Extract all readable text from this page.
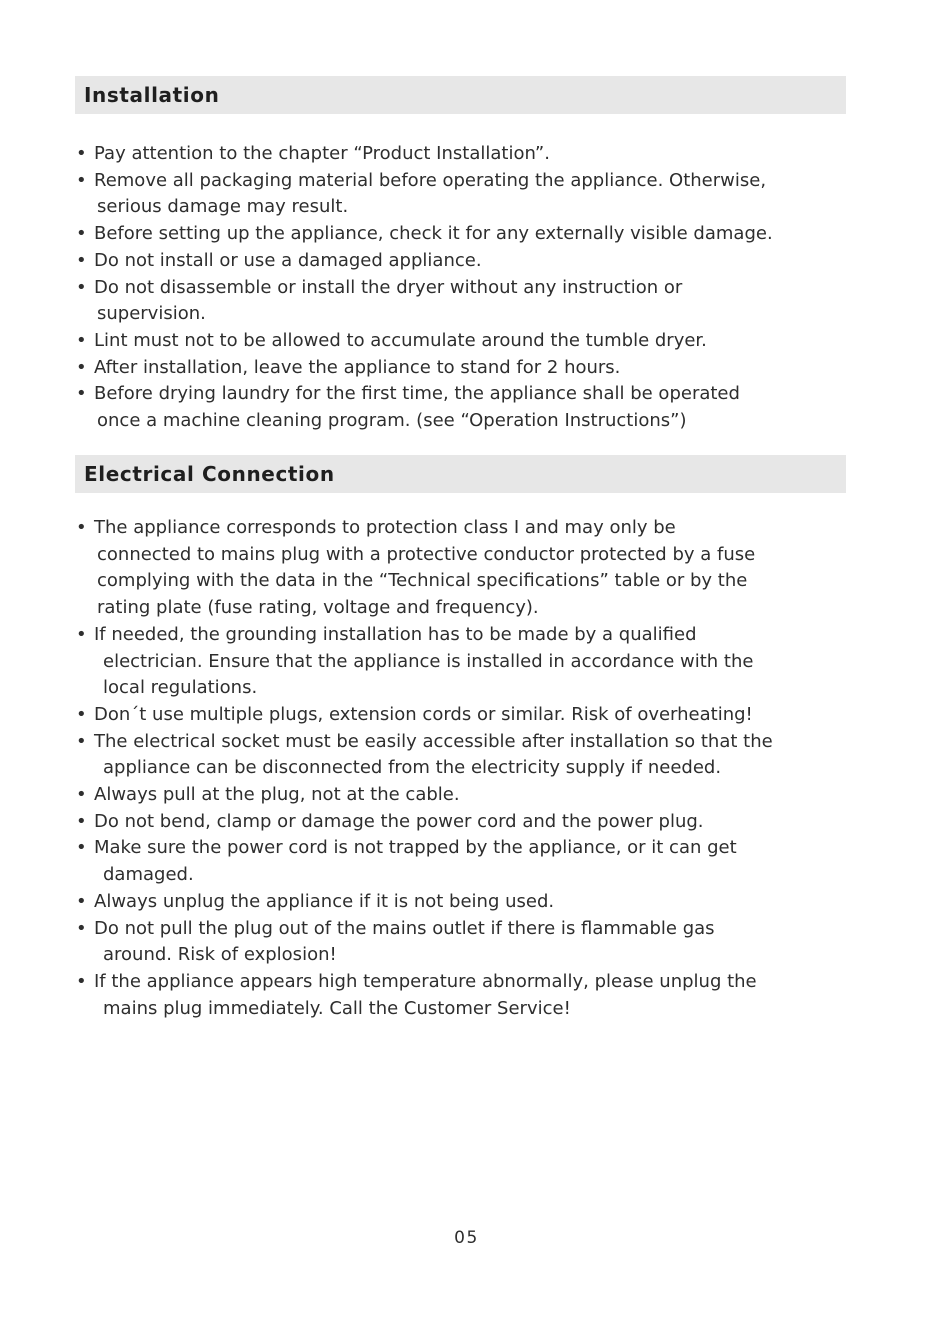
Installation
• Pay attention to the chapter “Product Installation”.
• Remove all packaging material before operating the appliance. Otherwise,
serious damage may result.
• Before setting up the appliance, check it for any externally visible damage.
• Do not install or use a damaged appliance.
• Do not disassemble or install the dryer without any instruction or
supervision.
• Lint must not to be allowed to accumulate around the tumble dryer.
• After installation, leave the appliance to stand for 2 hours.
• Before drying laundry for the first time, the appliance shall be operated
once a machine cleaning program. (see “Operation Instructions”)
Electrical Connection
• The appliance corresponds to protection class I and may only be
connected to mains plug with a protective conductor protected by a fuse
complying with the data in the “Technical specifications” table or by the
rating plate (fuse rating, voltage and frequency).
• If needed, the grounding installation has to be made by a qualified
electrician. Ensure that the appliance is installed in accordance with the
local regulations.
• Don´t use multiple plugs, extension cords or similar. Risk of overheating!
• The electrical socket must be easily accessible after installation so that the
appliance can be disconnected from the electricity supply if needed.
• Always pull at the plug, not at the cable.
• Do not bend, clamp or damage the power cord and the power plug.
• Make sure the power cord is not trapped by the appliance, or it can get
damaged.
• Always unplug the appliance if it is not being used.
• Do not pull the plug out of the mains outlet if there is flammable gas
around. Risk of explosion!
• If the appliance appears high temperature abnormally, please unplug the
mains plug immediately. Call the Customer Service!
05
